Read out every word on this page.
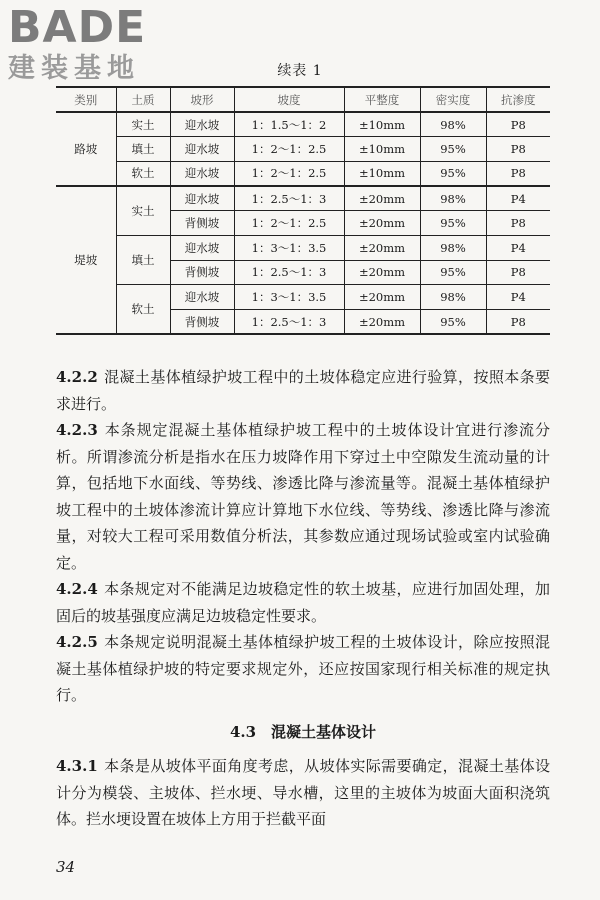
BADE
建装基地	续表 1
类别	土质	坡形	坡度	平整度	密实度	抗渗度
路坡	实土	迎水坡	1：1.5～1：2	±10mm	98%	P8
	填土	迎水坡	1：2～1：2.5	±10mm	95%	P8
	软土	迎水坡	1：2～1：2.5	±10mm	95%	P8
堤坡	实土	迎水坡	1：2.5～1：3	±20mm	98%	P4
		背侧坡	1：2～1：2.5	±20mm	95%	P8
	填土	迎水坡	1：3～1：3.5	±20mm	98%	P4
		背侧坡	1：2.5～1：3	±20mm	95%	P8
	软土	迎水坡	1：3～1：3.5	±20mm	98%	P4
		背侧坡	1：2.5～1：3	±20mm	95%	P8

4.2.2 混凝土基体植绿护坡工程中的土坡体稳定应进行验算，按照本条要求进行。

4.2.3 本条规定混凝土基体植绿护坡工程中的土坡体设计宜进行渗流分析。所谓渗流分析是指水在压力坡降作用下穿过土中空隙发生流动量的计算，包括地下水面线、等势线、渗透比降与渗流量等。混凝土基体植绿护坡工程中的土坡体渗流计算应计算地下水位线、等势线、渗透比降与渗流量，对较大工程可采用数值分析法，其参数应通过现场试验或室内试验确定。

4.2.4 本条规定对不能满足边坡稳定性的软土坡基，应进行加固处理，加固后的坡基强度应满足边坡稳定性要求。

4.2.5 本条规定说明混凝土基体植绿护坡工程的土坡体设计，除应按照混凝土基体植绿护坡的特定要求规定外，还应按国家现行相关标准的规定执行。

4.3　混凝土基体设计

4.3.1 本条是从坡体平面角度考虑，从坡体实际需要确定，混凝土基体设计分为模袋、主坡体、拦水埂、导水槽，这里的主坡体为坡面大面积浇筑体。拦水埂设置在坡体上方用于拦截平面

34
